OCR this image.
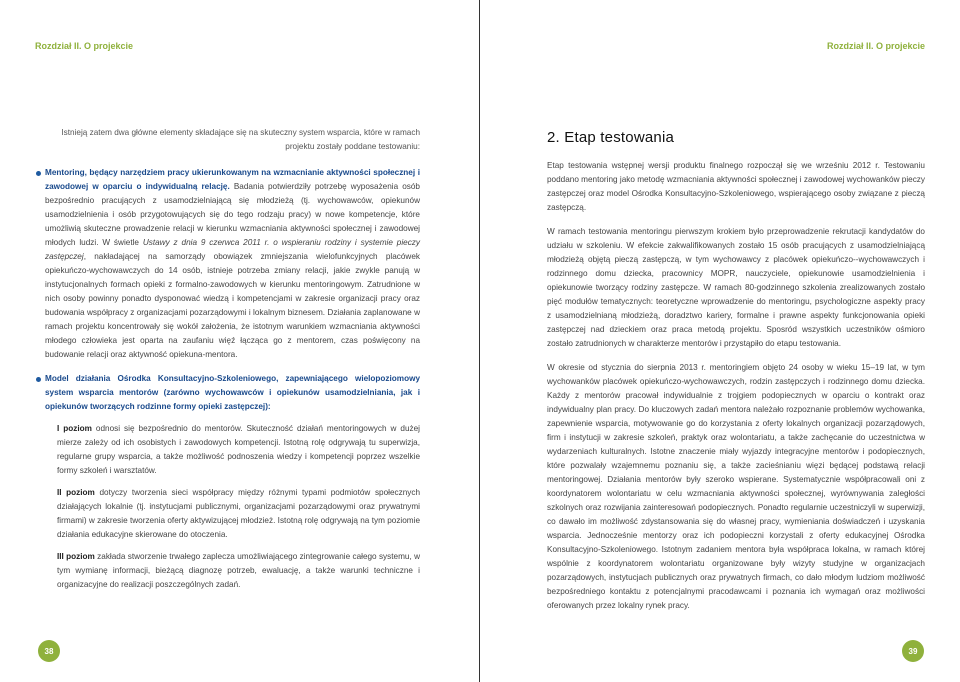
Rozdział II. O projekcie

Istnieją zatem dwa główne elementy składające się na skuteczny system wsparcia, które w ramach projektu zostały poddane testowaniu:

Mentoring, będący narzędziem pracy ukierunkowanym na wzmacnianie aktywności społecznej i zawodowej w oparciu o indywidualną relację. Badania potwierdziły potrzebę wyposażenia osób bezpośrednio pracujących z usamodzielniającą się młodzieżą (tj. wychowawców, opiekunów usamodzielnienia i osób przygotowujących się do tego rodzaju pracy) w nowe kompetencje, które umożliwią skuteczne prowadzenie relacji w kierunku wzmacniania aktywności społecznej i zawodowej młodych ludzi. W świetle Ustawy z dnia 9 czerwca 2011 r. o wspieraniu rodziny i systemie pieczy zastępczej, nakładającej na samorządy obowiązek zmniejszania wielofunkcyjnych placówek opiekuńczo-wychowawczych do 14 osób, istnieje potrzeba zmiany relacji, jakie zwykle panują w instytucjonalnych formach opieki z formalno-zawodowych w kierunku mentoringowym. Zatrudnione w nich osoby powinny ponadto dysponować wiedzą i kompetencjami w zakresie organizacji pracy oraz budowania współpracy z organizacjami pozarządowymi i lokalnym biznesem. Działania zaplanowane w ramach projektu koncentrowały się wokół założenia, że istotnym warunkiem wzmacniania aktywności młodego człowieka jest oparta na zaufaniu więź łącząca go z mentorem, czas poświęcony na budowanie relacji oraz aktywność opiekuna-mentora.

Model działania Ośrodka Konsultacyjno-Szkoleniowego, zapewniającego wielopoziomowy system wsparcia mentorów (zarówno wychowawców i opiekunów usamodzielniania, jak i opiekunów tworzących rodzinne formy opieki zastępczej):

I poziom odnosi się bezpośrednio do mentorów. Skuteczność działań mentoringowych w dużej mierze zależy od ich osobistych i zawodowych kompetencji. Istotną rolę odgrywają tu superwizja, regularne grupy wsparcia, a także możliwość podnoszenia wiedzy i kompetencji poprzez wszelkie formy szkoleń i warsztatów.

II poziom dotyczy tworzenia sieci współpracy między różnymi typami podmiotów społecznych działających lokalnie (tj. instytucjami publicznymi, organizacjami pozarządowymi oraz prywatnymi firmami) w zakresie tworzenia oferty aktywizującej młodzież. Istotną rolę odgrywają na tym poziomie działania edukacyjne skierowane do otoczenia.

III poziom zakłada stworzenie trwałego zaplecza umożliwiającego zintegrowanie całego systemu, w tym wymianę informacji, bieżącą diagnozę potrzeb, ewaluację, a także warunki techniczne i organizacyjne do realizacji poszczególnych zadań.

38
Rozdział II. O projekcie
2. Etap testowania

Etap testowania wstępnej wersji produktu finalnego rozpoczął się we wrześniu 2012 r. Testowaniu poddano mentoring jako metodę wzmacniania aktywności społecznej i zawodowej wychowanków pieczy zastępczej oraz model Ośrodka Konsultacyjno-Szkoleniowego, wspierającego osoby związane z pieczą zastępczą.

W ramach testowania mentoringu pierwszym krokiem było przeprowadzenie rekrutacji kandydatów do udziału w szkoleniu. W efekcie zakwalifikowanych zostało 15 osób pracujących z usamodzielniającą młodzieżą objętą pieczą zastępczą, w tym wychowawcy z placówek opiekuńczo--wychowawczych i rodzinnego domu dziecka, pracownicy MOPR, nauczyciele, opiekunowie usamodzielnienia i opiekunowie tworzący rodziny zastępcze. W ramach 80-godzinnego szkolenia zrealizowanych zostało pięć modułów tematycznych: teoretyczne wprowadzenie do mentoringu, psychologiczne aspekty pracy z usamodzielnianą młodzieżą, doradztwo kariery, formalne i prawne aspekty funkcjonowania opieki zastępczej nad dzieckiem oraz praca metodą projektu. Sposród wszystkich uczestników ośmioro zostało zatrudnionych w charakterze mentorów i przystąpiło do etapu testowania.

W okresie od stycznia do sierpnia 2013 r. mentoringiem objęto 24 osoby w wieku 15–19 lat, w tym wychowanków placówek opiekuńczo-wychowawczych, rodzin zastępczych i rodzinnego domu dziecka. Każdy z mentorów pracował indywidualnie z trojgiem podopiecznych w oparciu o kontrakt oraz indywidualny plan pracy. Do kluczowych zadań mentora należało rozpoznanie problemów wychowanka, zapewnienie wsparcia, motywowanie go do korzystania z oferty lokalnych organizacji pozarządowych, firm i instytucji w zakresie szkoleń, praktyk oraz wolontariatu, a także zachęcanie do uczestnictwa w wydarzeniach kulturalnych. Istotne znaczenie miały wyjazdy integracyjne mentorów i podopiecznych, które pozwalały wzajemnemu poznaniu się, a także zacieśnianiu więzi będącej podstawą relacji mentoringowej. Działania mentorów były szeroko wspierane. Systematycznie współpracowali oni z koordynatorem wolontariatu w celu wzmacniania aktywności społecznej, wyrównywania zaległości szkolnych oraz rozwijania zainteresowań podopiecznych. Ponadto regularnie uczestniczyli w superwizji, co dawało im możliwość zdystansowania się do własnej pracy, wymieniania doświadczeń i uzyskania wsparcia. Jednocześnie mentorzy oraz ich podopieczni korzystali z oferty edukacyjnej Ośrodka Konsultacyjno-Szkoleniowego. Istotnym zadaniem mentora była współpraca lokalna, w ramach której wspólnie z koordynatorem wolontariatu organizowane były wizyty studyjne w organizacjach pozarządowych, instytucjach publicznych oraz prywatnych firmach, co dało młodym ludziom możliwość bezpośredniego kontaktu z potencjalnymi pracodawcami i poznania ich wymagań oraz możliwości oferowanych przez lokalny rynek pracy.

39
